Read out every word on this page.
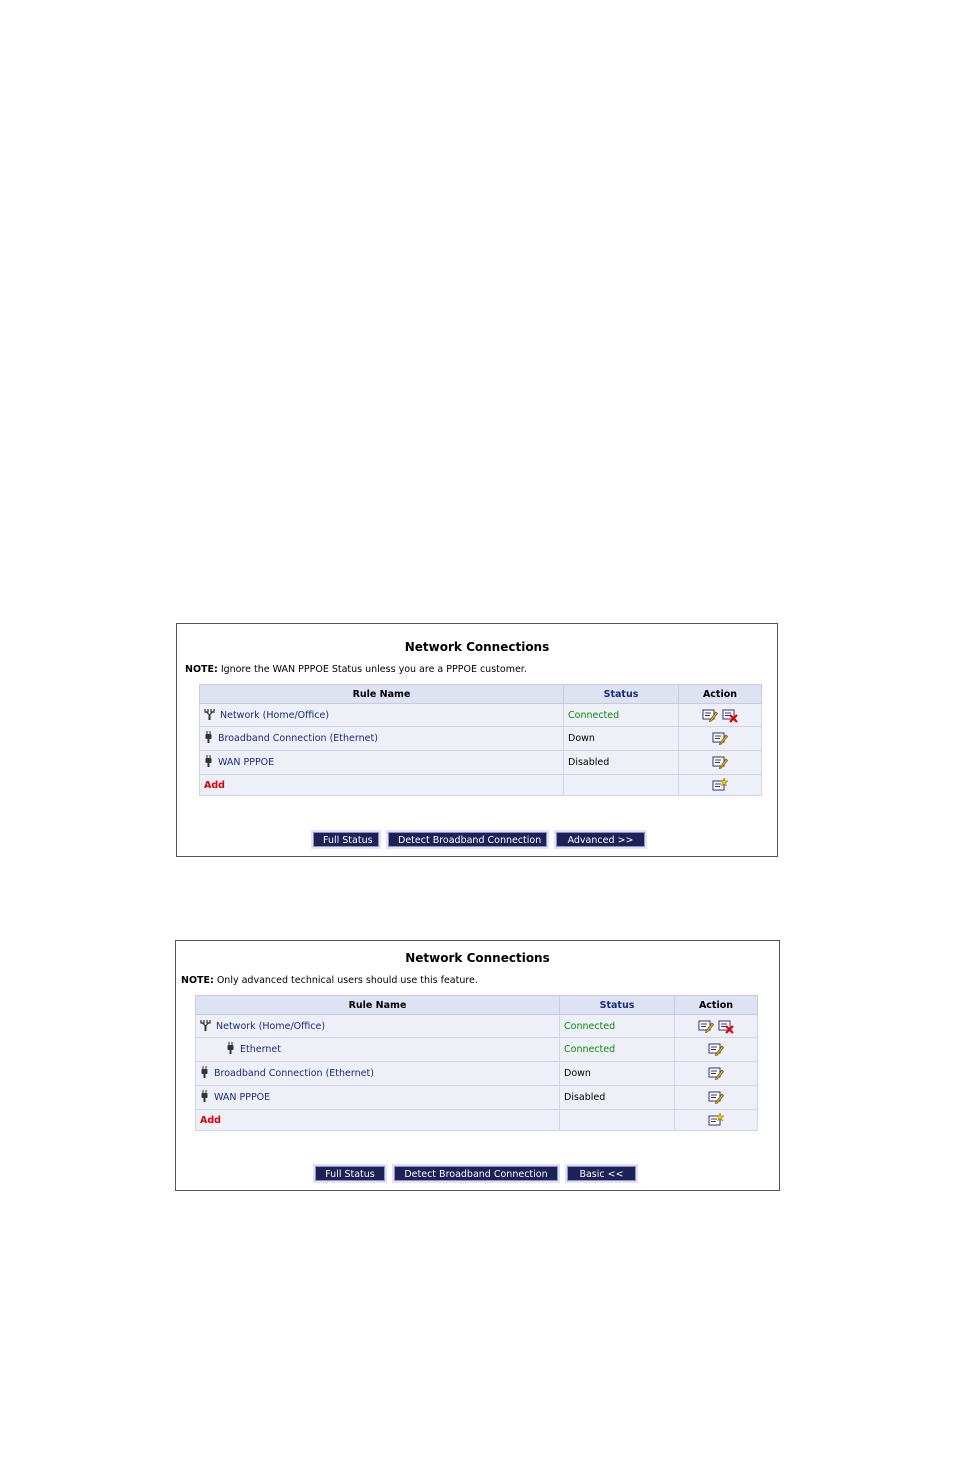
Network Connections
NOTE: Ignore the WAN PPPOE Status unless you are a PPPOE customer.
Rule Name	Status	Action

Network (Home/Office)	Connected	

Broadband Connection (Ethernet)	Down	

WAN PPPOE	Disabled	
Add		
Full Status	Detect Broadband Connection	Advanced >>
Network Connections
NOTE: Only advanced technical users should use this feature.
Rule Name	Status	Action

Network (Home/Office)	Connected	

Ethernet	Connected	

Broadband Connection (Ethernet)	Down	

WAN PPPOE	Disabled	
Add		
Full Status	Detect Broadband Connection	Basic <<
